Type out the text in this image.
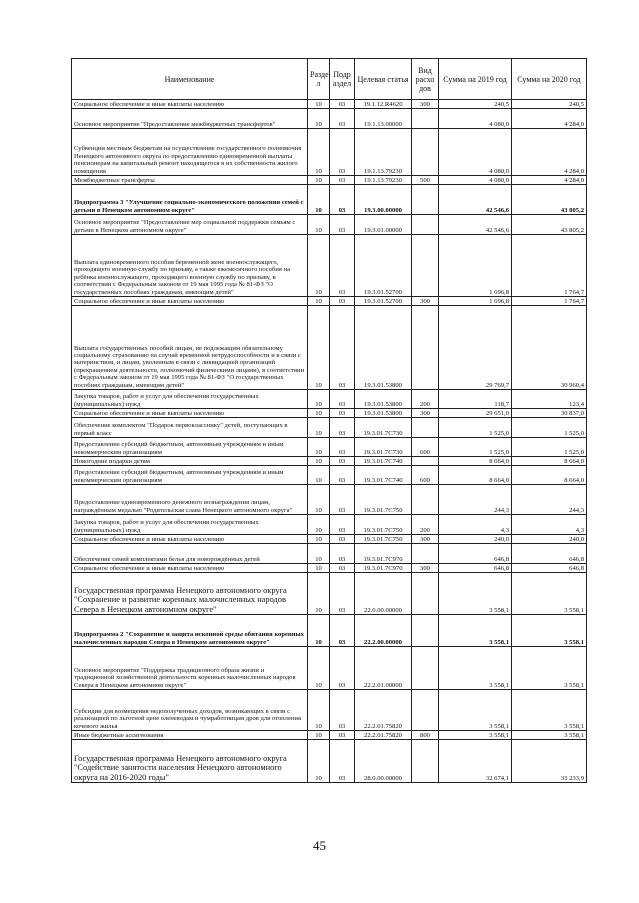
Наименование	Разде л	Подр аздел	Целевая статья	Вид расхо дов	Сумма на 2019 год	Сумма на 2020 год
Социальное обеспечение и иные выплаты населению	10	03	19.1.12.R4620	300	240,5	240,5
Основное мероприятие "Предоставление межбюджетных трансфертов"	10	03	19.1.13.00000		4 080,0	4 284,0
Субвенции местным бюджетам на осуществление государственного полномочия Ненецкого автономного округа по предоставлению единовременной выплаты пенсионерам на капитальный ремонт находящегося в их собственности жилого помещения	10	03	19.1.13.79230		4 080,0	4 284,0
Межбюджетные трансферты	10	03	19.1.13.79230	500	4 080,0	4 284,0
Подпрограмма 3 "Улучшение социально-экономического положения семей с детьми в Ненецком автономном округе"	10	03	19.3.00.00000		42 546,6	43 805,2
Основное мероприятие "Предоставление мер социальной поддержки семьям с детьми в Ненецком автономном округе"	10	03	19.3.01.00000		42 546,6	43 805,2
Выплата единовременного пособия беременной жене военнослужащего, проходящего военную службу по призыву, а также ежемесячного пособия на ребёнка военнослужащего, проходящего военную службу по призыву, в соответствии с Федеральным законом от 19 мая 1995 года № 81-ФЗ "О государственных пособиях гражданам, имеющим детей"	10	03	19.3.01.52700		1 696,8	1 764,7
Социальное обеспечение и иные выплаты населению	10	03	19.3.01.52700	300	1 696,8	1 764,7
Выплата государственных пособий лицам, не подлежащим обязательному социальному страхованию на случай временной нетрудоспособности и в связи с материнством, и лицам, уволенным в связи с ликвидацией организаций (прекращением деятельности, полномочий физическими лицами), в соответствии с Федеральным законом от 19 мая 1995 года № 81-ФЗ "О государственных пособиях гражданам, имеющим детей"	10	03	19.3.01.53800		29 769,7	30 960,4
Закупка товаров, работ и услуг для обеспечения государственных (муниципальных) нужд	10	03	19.3.01.53800	200	118,7	123,4
Социальное обеспечение и иные выплаты населению	10	03	19.3.01.53800	300	29 651,0	30 837,0
Обеспечение комплектом "Подарок первокласснику" детей, поступающих в первый класс	10	03	19.3.01.7С730		1 525,0	1 525,0
Предоставление субсидий бюджетным, автономным учреждениям и иным некоммерческим организациям	10	03	19.3.01.7С730	600	1 525,0	1 525,0
Новогодние подарки детям	10	03	19.3.01.7С740		8 664,0	8 664,0
Предоставление субсидий бюджетным, автономным учреждениям и иным некоммерческим организациям	10	03	19.3.01.7С740	600	8 664,0	8 664,0
Предоставление единовременного денежного вознаграждения лицам, награждённым медалью "Родительская слава Ненецкого автономного округа"	10	03	19.3.01.7С750		244,3	244,3
Закупка товаров, работ и услуг для обеспечения государственных (муниципальных) нужд	10	03	19.3.01.7С750	200	4,3	4,3
Социальное обеспечение и иные выплаты населению	10	03	19.3.01.7С750	300	240,0	240,0
Обеспечение семей комплектами белья для новорождённых детей	10	03	19.3.01.7С970		646,8	646,8
Социальное обеспечение и иные выплаты населению	10	03	19.3.01.7С970	300	646,8	646,8
Государственная программа Ненецкого автономного округа "Сохранение и развитие коренных малочисленных народов Севера в Ненецком автономном округе"	10	03	22.0.00.00000		3 558,1	3 558,1
Подпрограмма 2 "Сохранение и защита исконной среды обитания коренных малочисленных народов Севера в Ненецком автономном округе"	10	03	22.2.00.00000		3 558,1	3 558,1
Основное мероприятие "Поддержка традиционного образа жизни и традиционной хозяйственной деятельности коренных малочисленных народов Севера в Ненецком автономном округе"	10	03	22.2.01.00000		3 558,1	3 558,1
Субсидии для возмещения недополученных доходов, возникающих в связи с реализацией по льготной цене оленеводам и чумработницам дров для отопления кочевого жилья	10	03	22.2.01.75820		3 558,1	3 558,1
Иные бюджетные ассигнования	10	03	22.2.01.75820	800	3 558,1	3 558,1
Государственная программа Ненецкого автономного округа "Содействие занятости населения Ненецкого автономного округа на 2016-2020 годы"	10	03	28.0.00.00000		32 674,1	33 233,9
45
